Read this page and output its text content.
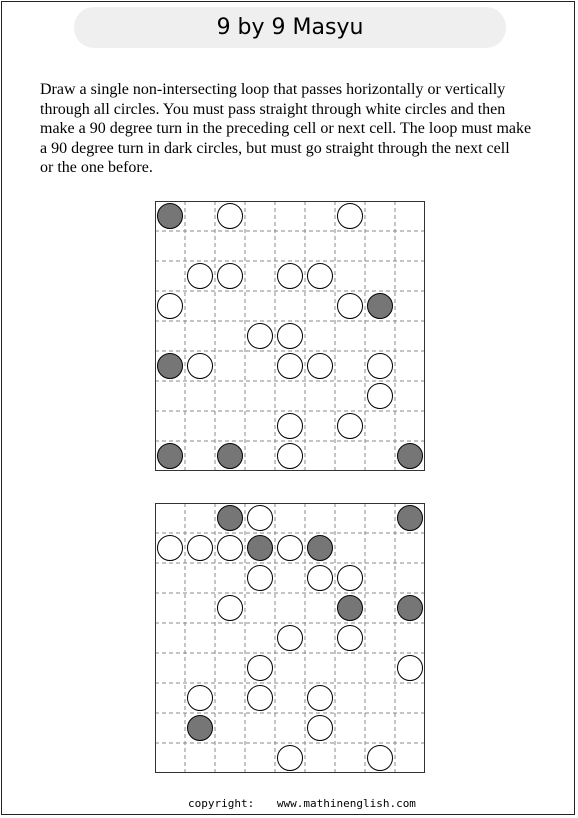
9 by 9 Masyu
Draw a single non-intersecting loop that passes horizontally or vertically
through all circles. You must pass straight through white circles and then
make a 90 degree turn in the preceding cell or next cell. The loop must make
a 90 degree turn in dark circles, but must go straight through the next cell
or the one before.
copyright: www.mathinenglish.com
